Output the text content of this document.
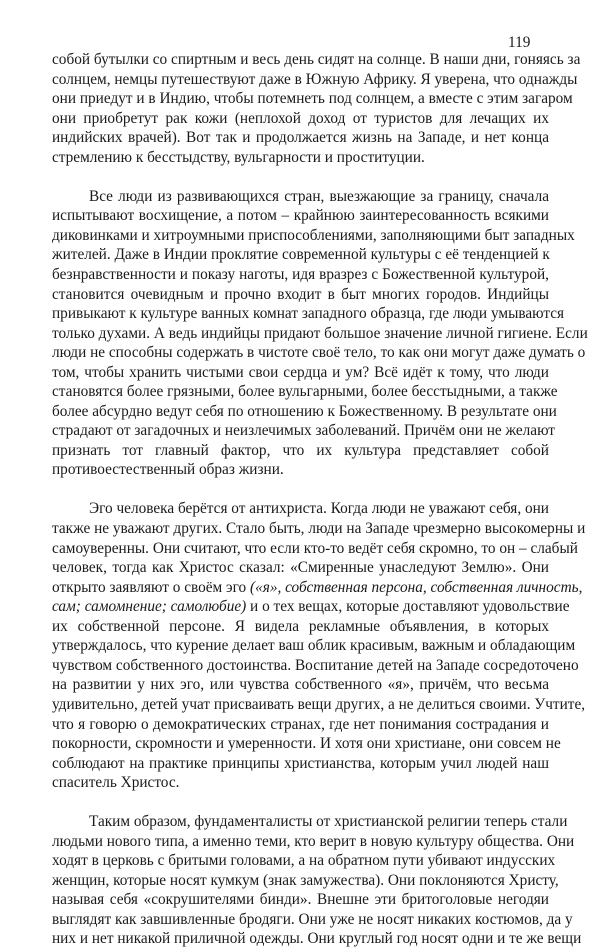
119
собой бутылки со спиртным и весь день сидят на солнце. В наши дни, гоняясь за
солнцем, немцы путешествуют даже в Южную Африку. Я уверена, что однажды
они приедут и в Индию, чтобы потемнеть под солнцем, а вместе с этим загаром
они приобретут рак кожи (неплохой доход от туристов для лечащих их
индийских врачей). Вот так и продолжается жизнь на Западе, и нет конца
стремлению к бесстыдству, вульгарности и проституции.
Все люди из развивающихся стран, выезжающие за границу, сначала
испытывают восхищение, а потом – крайнюю заинтересованность всякими
диковинками и хитроумными приспособлениями, заполняющими быт западных
жителей. Даже в Индии проклятие современной культуры с её тенденцией к
безнравственности и показу наготы, идя вразрез с Божественной культурой,
становится очевидным и прочно входит в быт многих городов. Индийцы
привыкают к культуре ванных комнат западного образца, где люди умываются
только духами. А ведь индийцы придают большое значение личной гигиене. Если
люди не способны содержать в чистоте своё тело, то как они могут даже думать о
том, чтобы хранить чистыми свои сердца и ум? Всё идёт к тому, что люди
становятся более грязными, более вульгарными, более бесстыдными, а также
более абсурдно ведут себя по отношению к Божественному. В результате они
страдают от загадочных и неизлечимых заболеваний. Причём они не желают
признать тот главный фактор, что их культура представляет собой
противоестественный образ жизни.
Эго человека берётся от антихриста. Когда люди не уважают себя, они
также не уважают других. Стало быть, люди на Западе чрезмерно высокомерны и
самоуверенны. Они считают, что если кто-то ведёт себя скромно, то он – слабый
человек, тогда как Христос сказал: «Смиренные унаследуют Землю». Они
открыто заявляют о своём эго («я», собственная персона, собственная личность,
сам; самомнение; самолюбие) и о тех вещах, которые доставляют удовольствие
их собственной персоне. Я видела рекламные объявления, в которых
утверждалось, что курение делает ваш облик красивым, важным и обладающим
чувством собственного достоинства. Воспитание детей на Западе сосредоточено
на развитии у них эго, или чувства собственного «я», причём, что весьма
удивительно, детей учат присваивать вещи других, а не делиться своими. Учтите,
что я говорю о демократических странах, где нет понимания сострадания и
покорности, скромности и умеренности. И хотя они христиане, они совсем не
соблюдают на практике принципы христианства, которым учил людей наш
спаситель Христос.
Таким образом, фундаменталисты от христианской религии теперь стали
людьми нового типа, а именно теми, кто верит в новую культуру общества. Они
ходят в церковь с бритыми головами, а на обратном пути убивают индусских
женщин, которые носят кумкум (знак замужества). Они поклоняются Христу,
называя себя «сокрушителями бинди». Внешне эти бритоголовые негодяи
выглядят как завшивленные бродяги. Они уже не носят никаких костюмов, да у
них и нет никакой приличной одежды. Они круглый год носят одни и те же вещи
